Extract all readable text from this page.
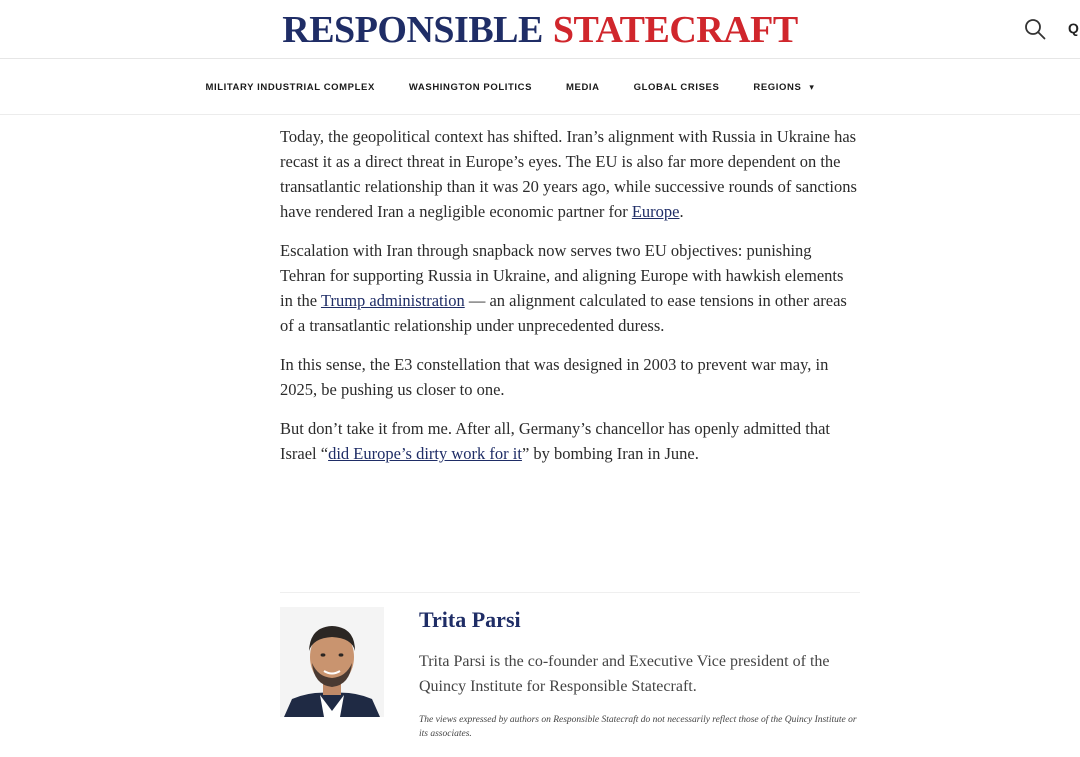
RESPONSIBLE STATECRAFT	Q
MILITARY INDUSTRIAL COMPLEX	WASHINGTON POLITICS	MEDIA	GLOBAL CRISES	REGIONS ▾

Today, the geopolitical context has shifted. Iran’s alignment with Russia in Ukraine has recast it as a direct threat in Europe’s eyes. The EU is also far more dependent on the transatlantic relationship than it was 20 years ago, while successive rounds of sanctions have rendered Iran a negligible economic partner for Europe.

Escalation with Iran through snapback now serves two EU objectives: punishing Tehran for supporting Russia in Ukraine, and aligning Europe with hawkish elements in the Trump administration — an alignment calculated to ease tensions in other areas of a transatlantic relationship under unprecedented duress.

In this sense, the E3 constellation that was designed in 2003 to prevent war may, in 2025, be pushing us closer to one.

But don’t take it from me. After all, Germany’s chancellor has openly admitted that Israel “did Europe’s dirty work for it” by bombing Iran in June.

Trita Parsi
Trita Parsi is the co-founder and Executive Vice president of the Quincy Institute for Responsible Statecraft.
The views expressed by authors on Responsible Statecraft do not necessarily reflect those of the Quincy Institute or its associates.
